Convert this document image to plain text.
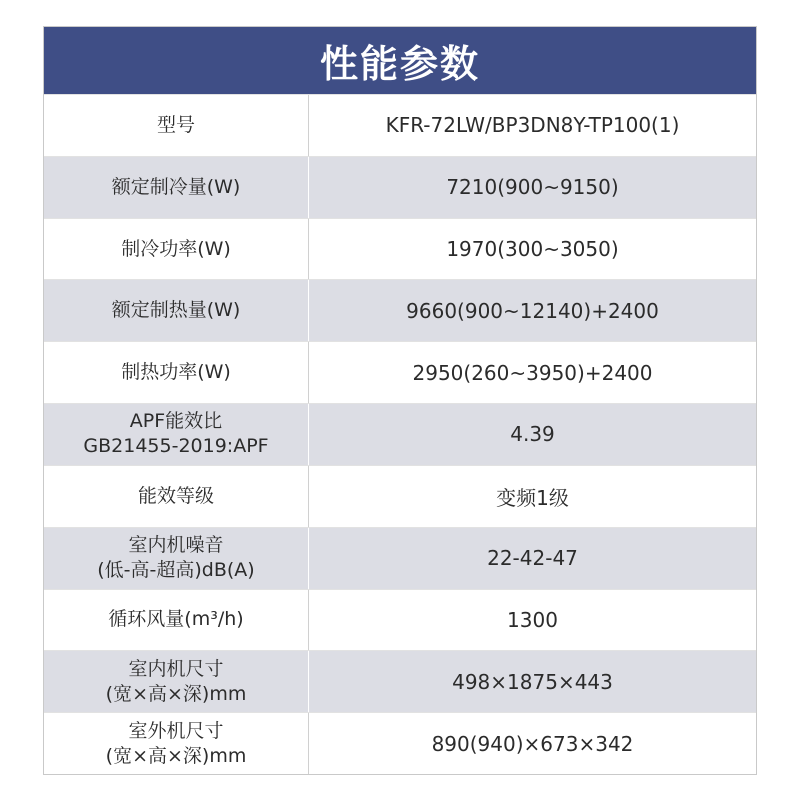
性能参数
型号	KFR-72LW/BP3DN8Y-TP100(1)
额定制冷量(W)	7210(900~9150)
制冷功率(W)	1970(300~3050)
额定制热量(W)	9660(900~12140)+2400
制热功率(W)	2950(260~3950)+2400
APF能效比
GB21455-2019:APF	4.39
能效等级	变频1级
室内机噪音
(低-高-超高)dB(A)	22-42-47
循环风量(m³/h)	1300
室内机尺寸
(宽×高×深)mm	498×1875×443
室外机尺寸
(宽×高×深)mm	890(940)×673×342
